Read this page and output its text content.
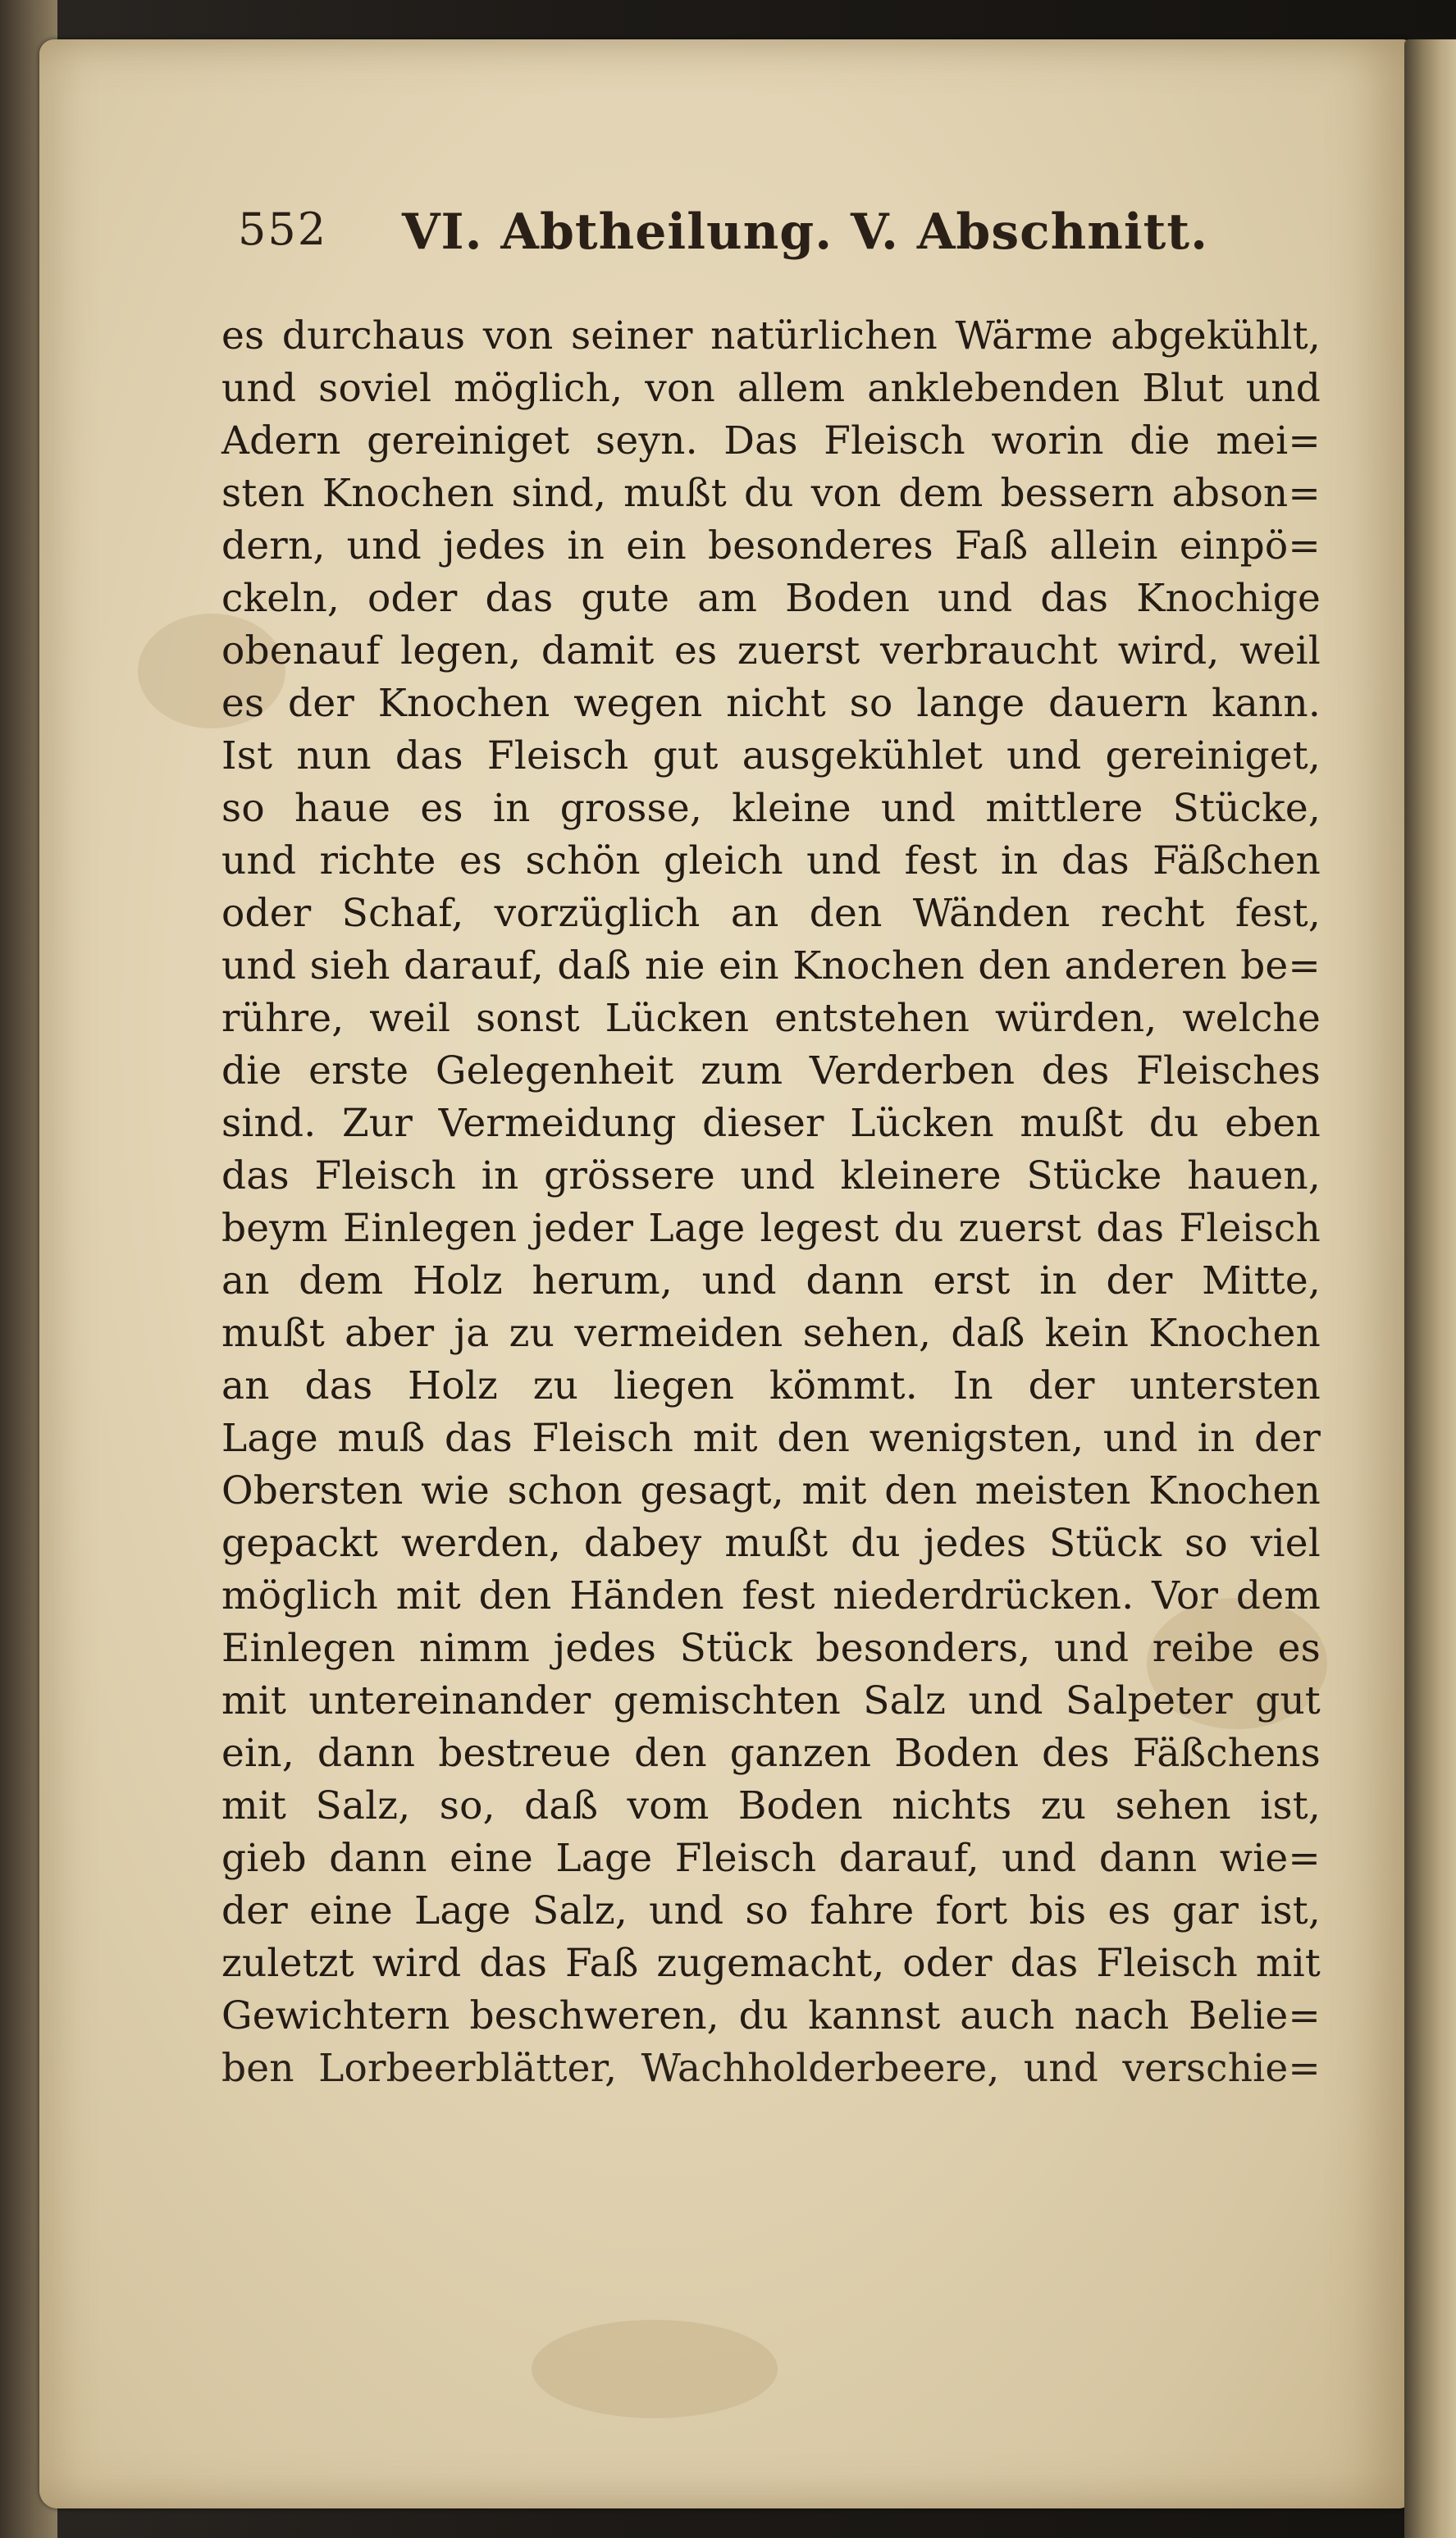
552 VI. Abtheilung. V. Abschnitt.
es durchaus von seiner natürlichen Wärme abgekühlt,
und soviel möglich, von allem anklebenden Blut und
Adern gereiniget seyn. Das Fleisch worin die mei=
sten Knochen sind, mußt du von dem bessern abson=
dern, und jedes in ein besonderes Faß allein einpö=
ckeln, oder das gute am Boden und das Knochige
obenauf legen, damit es zuerst verbraucht wird, weil
es der Knochen wegen nicht so lange dauern kann.
Ist nun das Fleisch gut ausgekühlet und gereiniget,
so haue es in grosse, kleine und mittlere Stücke,
und richte es schön gleich und fest in das Fäßchen
oder Schaf, vorzüglich an den Wänden recht fest,
und sieh darauf, daß nie ein Knochen den anderen be=
rühre, weil sonst Lücken entstehen würden, welche
die erste Gelegenheit zum Verderben des Fleisches
sind. Zur Vermeidung dieser Lücken mußt du eben
das Fleisch in grössere und kleinere Stücke hauen,
beym Einlegen jeder Lage legest du zuerst das Fleisch
an dem Holz herum, und dann erst in der Mitte,
mußt aber ja zu vermeiden sehen, daß kein Knochen
an das Holz zu liegen kömmt. In der untersten
Lage muß das Fleisch mit den wenigsten, und in der
Obersten wie schon gesagt, mit den meisten Knochen
gepackt werden, dabey mußt du jedes Stück so viel
möglich mit den Händen fest niederdrücken. Vor dem
Einlegen nimm jedes Stück besonders, und reibe es
mit untereinander gemischten Salz und Salpeter gut
ein, dann bestreue den ganzen Boden des Fäßchens
mit Salz, so, daß vom Boden nichts zu sehen ist,
gieb dann eine Lage Fleisch darauf, und dann wie=
der eine Lage Salz, und so fahre fort bis es gar ist,
zuletzt wird das Faß zugemacht, oder das Fleisch mit
Gewichtern beschweren, du kannst auch nach Belie=
ben Lorbeerblätter, Wachholderbeere, und verschie=
